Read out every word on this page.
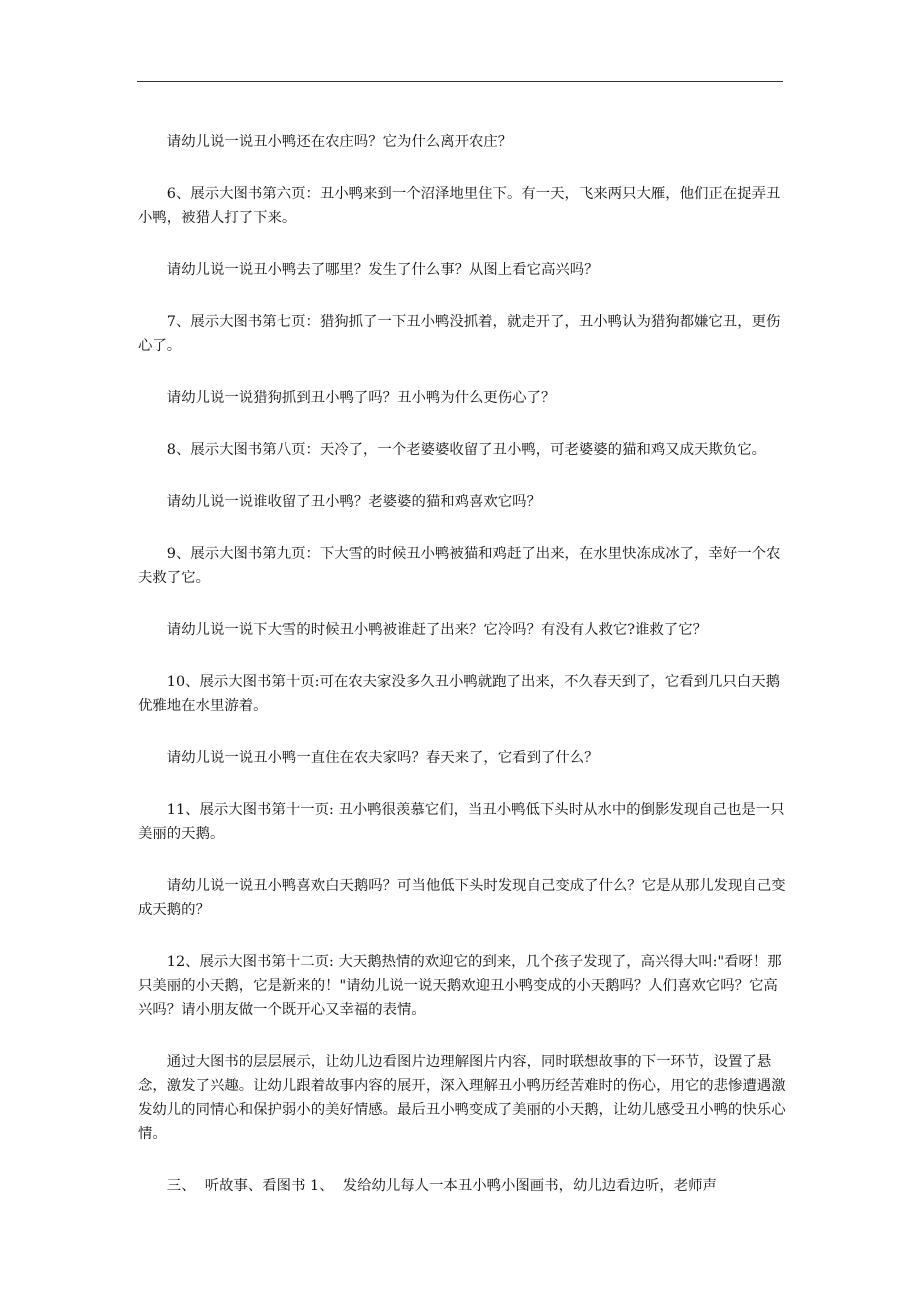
请幼儿说一说丑小鸭还在农庄吗？它为什么离开农庄？

6、展示大图书第六页：丑小鸭来到一个沼泽地里住下。有一天，飞来两只大雁，他们正在捉弄丑小鸭，被猎人打了下来。

请幼儿说一说丑小鸭去了哪里？发生了什么事？从图上看它高兴吗？

7、展示大图书第七页：猎狗抓了一下丑小鸭没抓着，就走开了，丑小鸭认为猎狗都嫌它丑，更伤心了。

请幼儿说一说猎狗抓到丑小鸭了吗？丑小鸭为什么更伤心了？

8、展示大图书第八页：天冷了，一个老婆婆收留了丑小鸭，可老婆婆的猫和鸡又成天欺负它。

请幼儿说一说谁收留了丑小鸭？老婆婆的猫和鸡喜欢它吗？

9、展示大图书第九页：下大雪的时候丑小鸭被猫和鸡赶了出来，在水里快冻成冰了，幸好一个农夫救了它。

请幼儿说一说下大雪的时候丑小鸭被谁赶了出来？它冷吗？有没有人救它?谁救了它？

10、展示大图书第十页:可在农夫家没多久丑小鸭就跑了出来，不久春天到了，它看到几只白天鹅优雅地在水里游着。

请幼儿说一说丑小鸭一直住在农夫家吗？春天来了，它看到了什么？

11、展示大图书第十一页: 丑小鸭很羡慕它们，当丑小鸭低下头时从水中的倒影发现自己也是一只美丽的天鹅。

请幼儿说一说丑小鸭喜欢白天鹅吗？可当他低下头时发现自己变成了什么？它是从那儿发现自己变成天鹅的？

12、展示大图书第十二页: 大天鹅热情的欢迎它的到来，几个孩子发现了，高兴得大叫:"看呀！那只美丽的小天鹅，它是新来的！"请幼儿说一说天鹅欢迎丑小鸭变成的小天鹅吗？人们喜欢它吗？它高兴吗？请小朋友做一个既开心又幸福的表情。

通过大图书的层层展示，让幼儿边看图片边理解图片内容，同时联想故事的下一环节，设置了悬念，激发了兴趣。让幼儿跟着故事内容的展开，深入理解丑小鸭历经苦难时的伤心，用它的悲惨遭遇激发幼儿的同情心和保护弱小的美好情感。最后丑小鸭变成了美丽的小天鹅，让幼儿感受丑小鸭的快乐心情。

三、  听故事、看图书 1、  发给幼儿每人一本丑小鸭小图画书，幼儿边看边听，老师声
